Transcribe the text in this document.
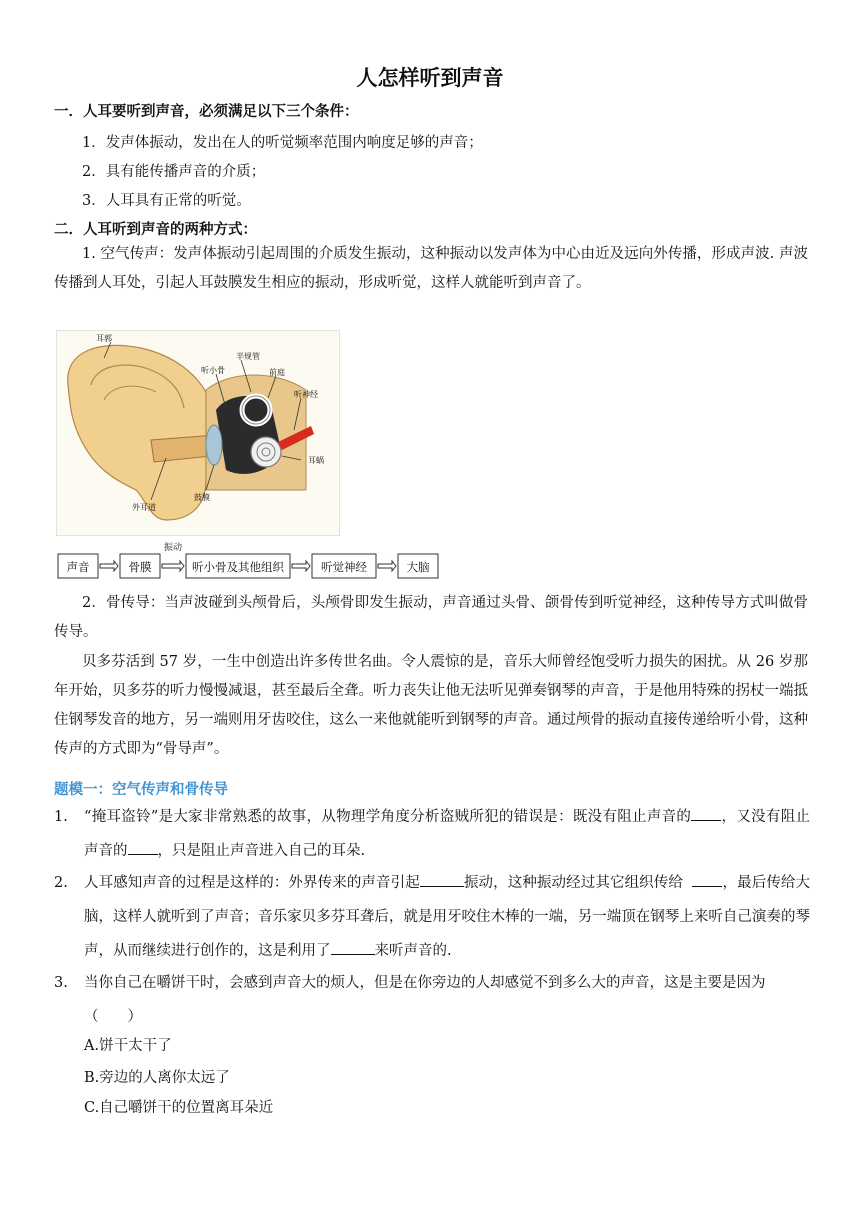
人怎样听到声音
一．人耳要听到声音，必须满足以下三个条件：
1．发声体振动，发出在人的听觉频率范围内响度足够的声音；
2．具有能传播声音的介质；
3．人耳具有正常的听觉。
二．人耳听到声音的两种方式：
1. 空气传声：发声体振动引起周围的介质发生振动，这种振动以发声体为中心由近及远向外传播，形成声波. 声波传播到人耳处，引起人耳鼓膜发生相应的振动，形成听觉，这样人就能听到声音了。
耳郭
半规管
听小骨	前庭
听神经
耳蜗
外耳道
鼓膜
振动
声音	骨膜	听小骨及其他组织	听觉神经	大脑
2．骨传导：当声波碰到头颅骨后，头颅骨即发生振动，声音通过头骨、颌骨传到听觉神经，这种传导方式叫做骨传导。
贝多芬活到 57 岁，一生中创造出许多传世名曲。令人震惊的是，音乐大师曾经饱受听力损失的困扰。从 26 岁那年开始，贝多芬的听力慢慢减退，甚至最后全聋。听力丧失让他无法听见弹奏钢琴的声音，于是他用特殊的拐杖一端抵住钢琴发音的地方，另一端则用牙齿咬住，这么一来他就能听到钢琴的声音。通过颅骨的振动直接传递给听小骨，这种传声的方式即为“骨导声”。
题模一：空气传声和骨传导
1. “掩耳盗铃”是大家非常熟悉的故事，从物理学角度分析盗贼所犯的错误是：既没有阻止声音的 ，又没有阻止声音的 ，只是阻止声音进入自己的耳朵.
2. 人耳感知声音的过程是这样的：外界传来的声音引起	振动，这种振动经过其它组织传给	，最后传给大脑，这样人就听到了声音；音乐家贝多芬耳聋后，就是用牙咬住木棒的一端，另一端顶在钢琴上来听自己演奏的琴声，从而继续进行创作的，这是利用了	来听声音的.
3. 当你自己在嚼饼干时，会感到声音大的烦人，但是在你旁边的人却感觉不到多么大的声音，这是主要是因为
（　　）
A.饼干太干了
B.旁边的人离你太远了
C.自己嚼饼干的位置离耳朵近
